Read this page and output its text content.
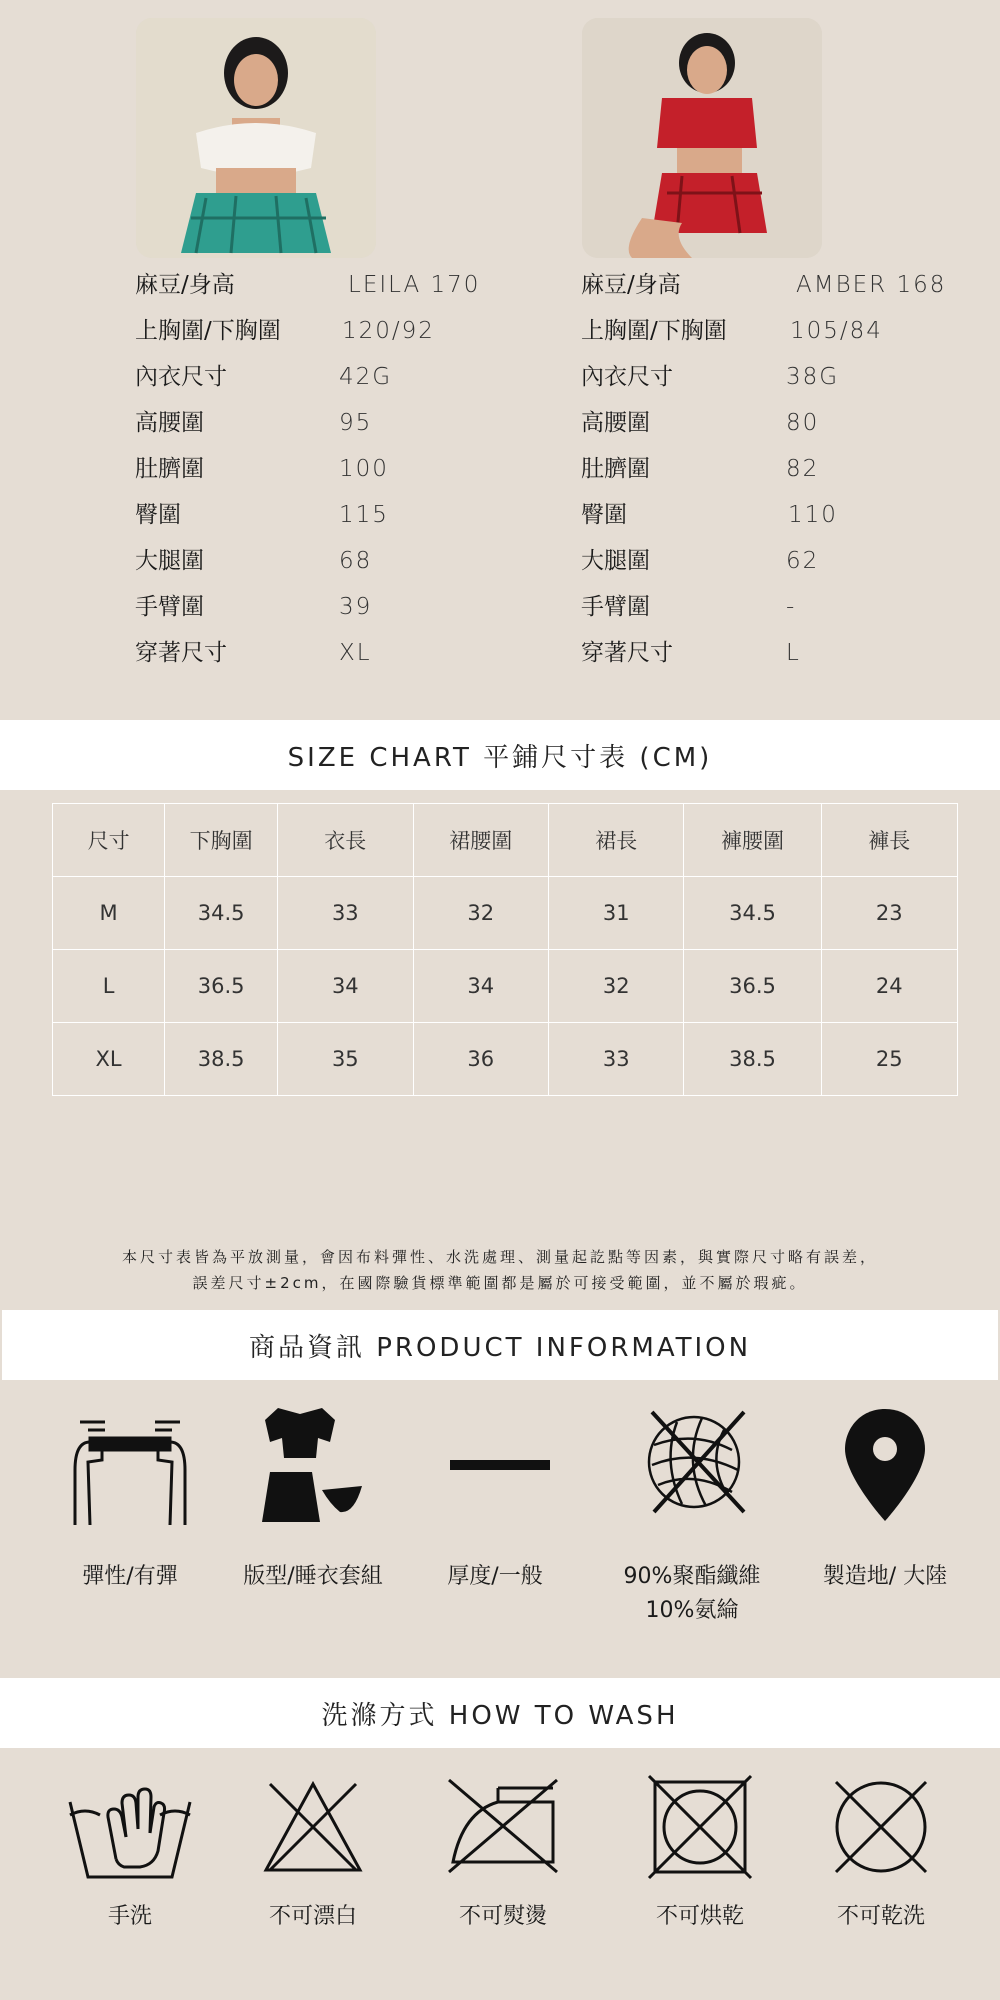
麻豆/身高	LEILA 170
上胸圍/下胸圍	120/92
內衣尺寸	42G
高腰圍	95
肚臍圍	100
臀圍	115
大腿圍	68
手臂圍	39
穿著尺寸	XL
麻豆/身高	AMBER 168
上胸圍/下胸圍	105/84
內衣尺寸	38G
高腰圍	80
肚臍圍	82
臀圍	110
大腿圍	62
手臂圍	-
穿著尺寸	L
SIZE CHART 平鋪尺寸表 (CM)
尺寸	下胸圍	衣長	裙腰圍	裙長	褲腰圍	褲長
M	34.5	33	32	31	34.5	23
L	36.5	34	34	32	36.5	24
XL	38.5	35	36	33	38.5	25
本尺寸表皆為平放測量，會因布料彈性、水洗處理、測量起訖點等因素，與實際尺寸略有誤差，
誤差尺寸±2cm，在國際驗貨標準範圍都是屬於可接受範圍，並不屬於瑕疵。
商品資訊 PRODUCT INFORMATION
彈性/有彈	版型/睡衣套組	厚度/一般	90%聚酯纖維
10%氨綸
製造地/ 大陸
洗滌方式 HOW TO WASH
手洗	不可漂白	不可熨燙	不可烘乾	不可乾洗
